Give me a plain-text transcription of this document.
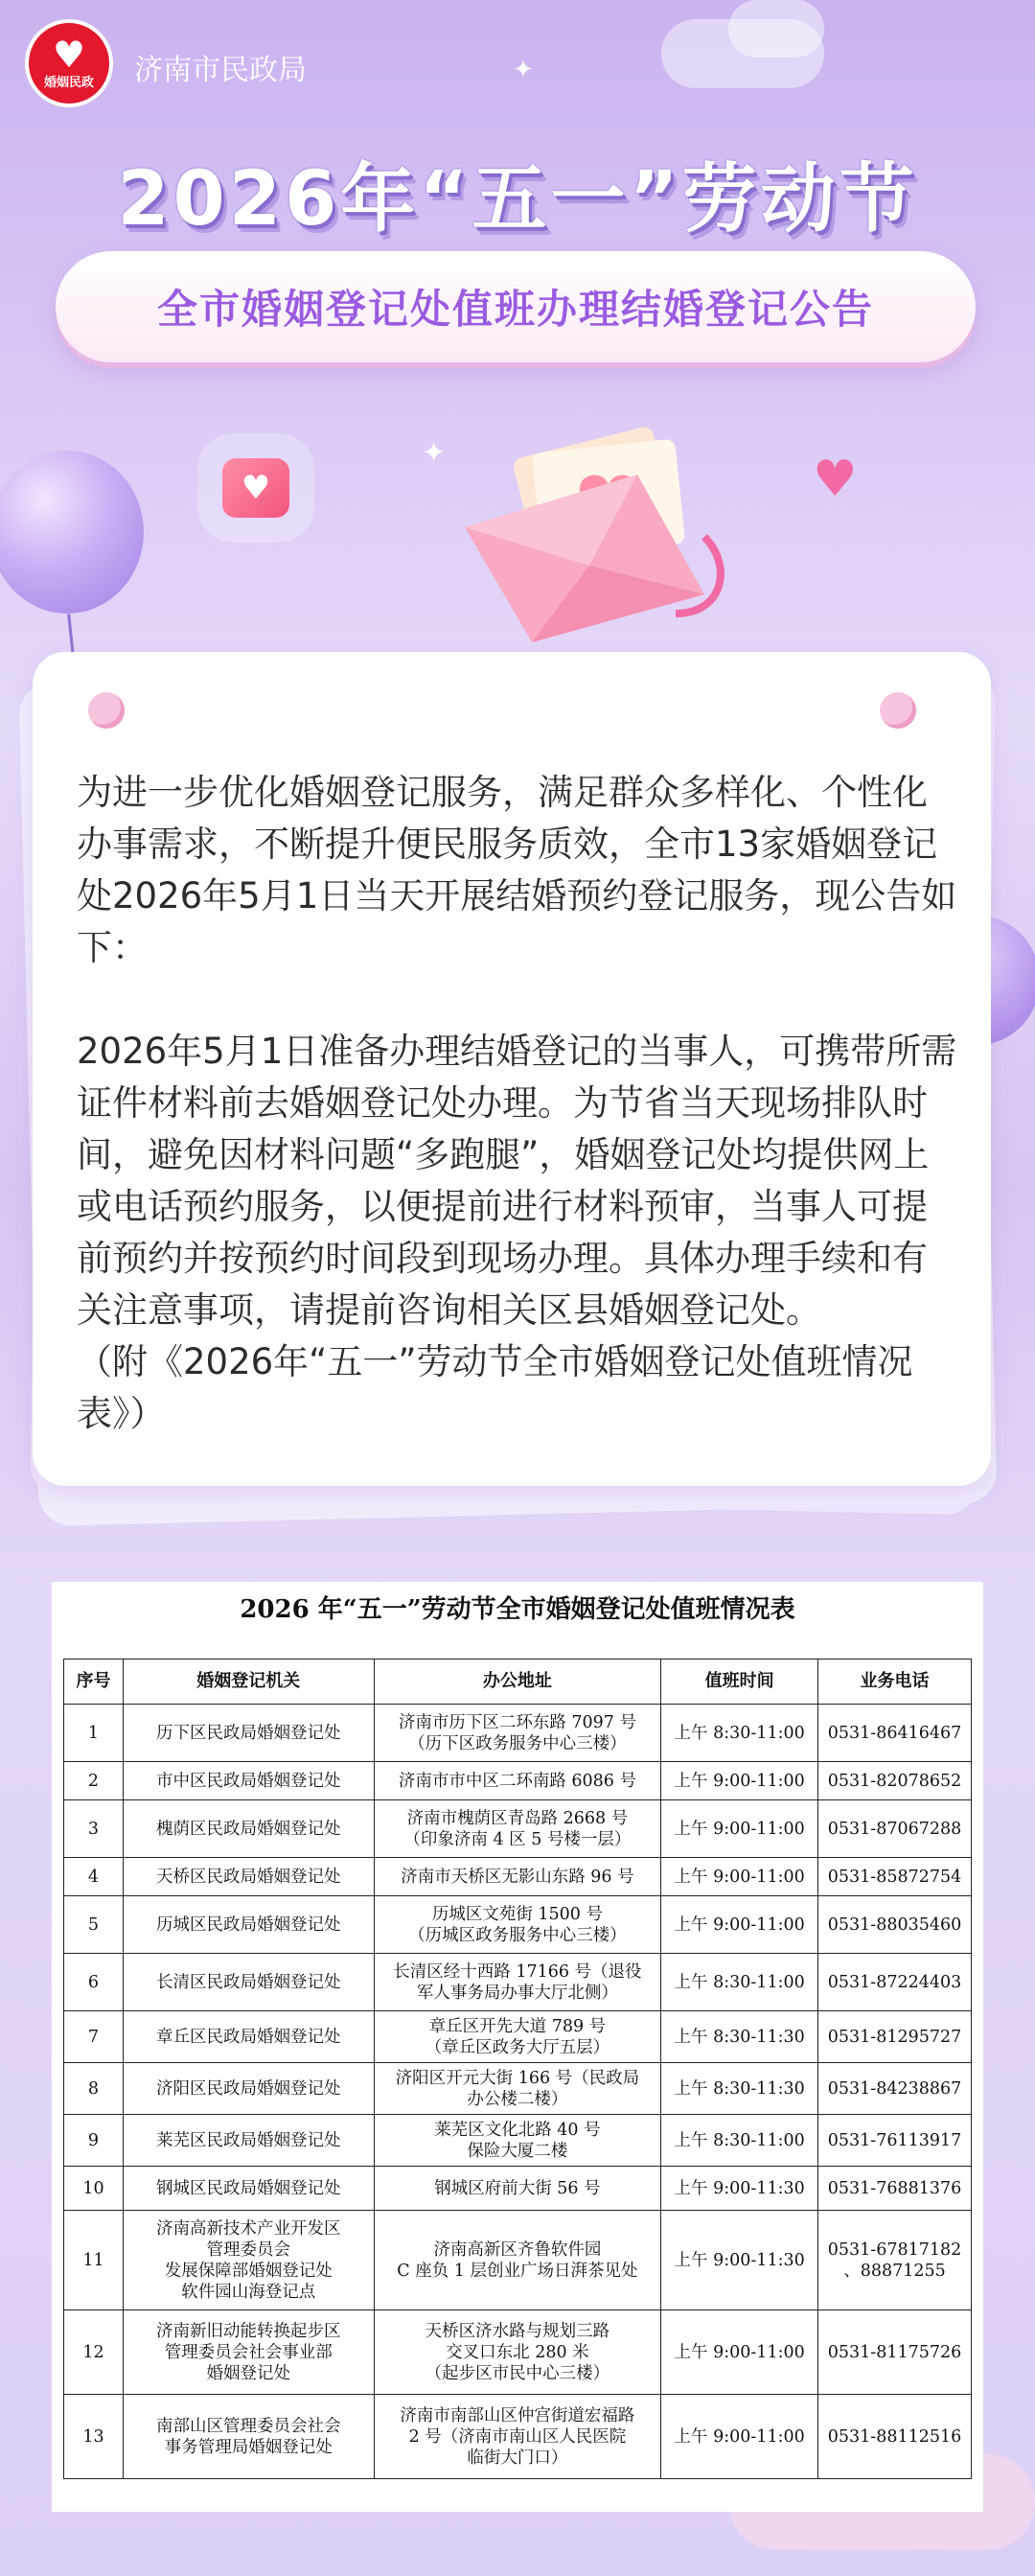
♥
婚姻民政 济南市民政局	✦
2026年“五一”劳动节
全市婚姻登记处值班办理结婚登记公告
♥	♥
✦

为进一步优化婚姻登记服务，满足群众多样化、个性化办事需求，不断提升便民服务质效，全市13家婚姻登记处2026年5月1日当天开展结婚预约登记服务，现公告如下：

2026年5月1日准备办理结婚登记的当事人，可携带所需证件材料前去婚姻登记处办理。为节省当天现场排队时间，避免因材料问题“多跑腿”，婚姻登记处均提供网上或电话预约服务，以便提前进行材料预审，当事人可提前预约并按预约时间段到现场办理。具体办理手续和有关注意事项，请提前咨询相关区县婚姻登记处。

（附《2026年“五一”劳动节全市婚姻登记处值班情况表》）

2026 年“五一”劳动节全市婚姻登记处值班情况表
序号	婚姻登记机关	办公地址	值班时间	业务电话
1	历下区民政局婚姻登记处	济南市历下区二环东路 7097 号
（历下区政务服务中心三楼）	上午 8:30-11:00	0531-86416467
2	市中区民政局婚姻登记处	济南市市中区二环南路 6086 号	上午 9:00-11:00	0531-82078652
3	槐荫区民政局婚姻登记处	济南市槐荫区青岛路 2668 号
（印象济南 4 区 5 号楼一层）	上午 9:00-11:00	0531-87067288
4	天桥区民政局婚姻登记处	济南市天桥区无影山东路 96 号	上午 9:00-11:00	0531-85872754
5	历城区民政局婚姻登记处	历城区文苑街 1500 号
（历城区政务服务中心三楼）	上午 9:00-11:00	0531-88035460
6	长清区民政局婚姻登记处	长清区经十西路 17166 号（退役
军人事务局办事大厅北侧）	上午 8:30-11:00	0531-87224403
7	章丘区民政局婚姻登记处	章丘区开先大道 789 号
（章丘区政务大厅五层）	上午 8:30-11:30	0531-81295727
8	济阳区民政局婚姻登记处	济阳区开元大街 166 号（民政局
办公楼二楼）	上午 8:30-11:30	0531-84238867
9	莱芜区民政局婚姻登记处	莱芜区文化北路 40 号
保险大厦二楼	上午 8:30-11:00	0531-76113917
10	钢城区民政局婚姻登记处	钢城区府前大街 56 号	上午 9:00-11:30	0531-76881376
11	济南高新技术产业开发区
管理委员会
发展保障部婚姻登记处
软件园山海登记点	济南高新区齐鲁软件园
C 座负 1 层创业广场日湃茶见处	上午 9:00-11:30	0531-67817182
、88871255
12	济南新旧动能转换起步区
管理委员会社会事业部
婚姻登记处	天桥区济水路与规划三路
交叉口东北 280 米
（起步区市民中心三楼）	上午 9:00-11:00	0531-81175726
13	南部山区管理委员会社会
事务管理局婚姻登记处	济南市南部山区仲宫街道宏福路
2 号（济南市南山区人民医院
临街大门口）	上午 9:00-11:00	0531-88112516
